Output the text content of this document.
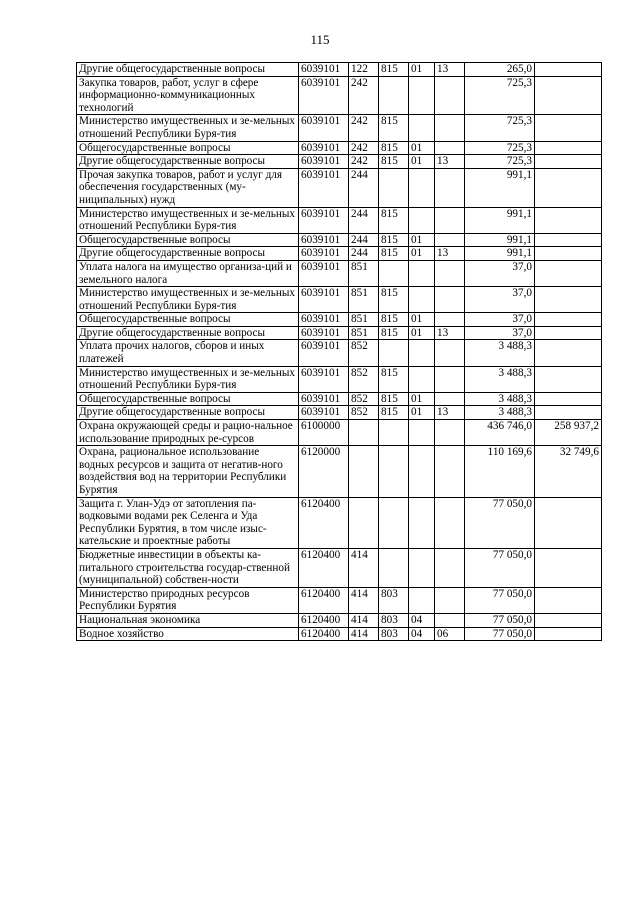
115
Другие общегосударственные вопросы	6039101	122	815	01	13	265,0	
Закупка товаров, работ, услуг в сфере информационно-коммуникационных технологий	6039101	242				725,3	
Министерство имущественных и зе-мельных отношений Республики Буря-тия	6039101	242	815			725,3	
Общегосударственные вопросы	6039101	242	815	01		725,3	
Другие общегосударственные вопросы	6039101	242	815	01	13	725,3	
Прочая закупка товаров, работ и услуг для обеспечения государственных (му-ниципальных) нужд	6039101	244				991,1	
Министерство имущественных и зе-мельных отношений Республики Буря-тия	6039101	244	815			991,1	
Общегосударственные вопросы	6039101	244	815	01		991,1	
Другие общегосударственные вопросы	6039101	244	815	01	13	991,1	
Уплата налога на имущество организа-ций и земельного налога	6039101	851				37,0	
Министерство имущественных и зе-мельных отношений Республики Буря-тия	6039101	851	815			37,0	
Общегосударственные вопросы	6039101	851	815	01		37,0	
Другие общегосударственные вопросы	6039101	851	815	01	13	37,0	
Уплата прочих налогов, сборов и иных платежей	6039101	852				3 488,3	
Министерство имущественных и зе-мельных отношений Республики Буря-тия	6039101	852	815			3 488,3	
Общегосударственные вопросы	6039101	852	815	01		3 488,3	
Другие общегосударственные вопросы	6039101	852	815	01	13	3 488,3	
Охрана окружающей среды и рацио-нальное использование природных ре-сурсов	6100000					436 746,0	258 937,2
Охрана, рациональное использование водных ресурсов и защита от негатив-ного воздействия вод на территории Республики Бурятия	6120000					110 169,6	32 749,6
Защита г. Улан-Удэ от затопления па-водковыми водами рек Селенга и Уда Республики Бурятия, в том числе изыс-кательские и проектные работы	6120400					77 050,0	
Бюджетные инвестиции в объекты ка-питального строительства государ-ственной (муниципальной) собствен-ности	6120400	414				77 050,0	
Министерство природных ресурсов Республики Бурятия	6120400	414	803			77 050,0	
Национальная экономика	6120400	414	803	04		77 050,0	
Водное хозяйство	6120400	414	803	04	06	77 050,0	
